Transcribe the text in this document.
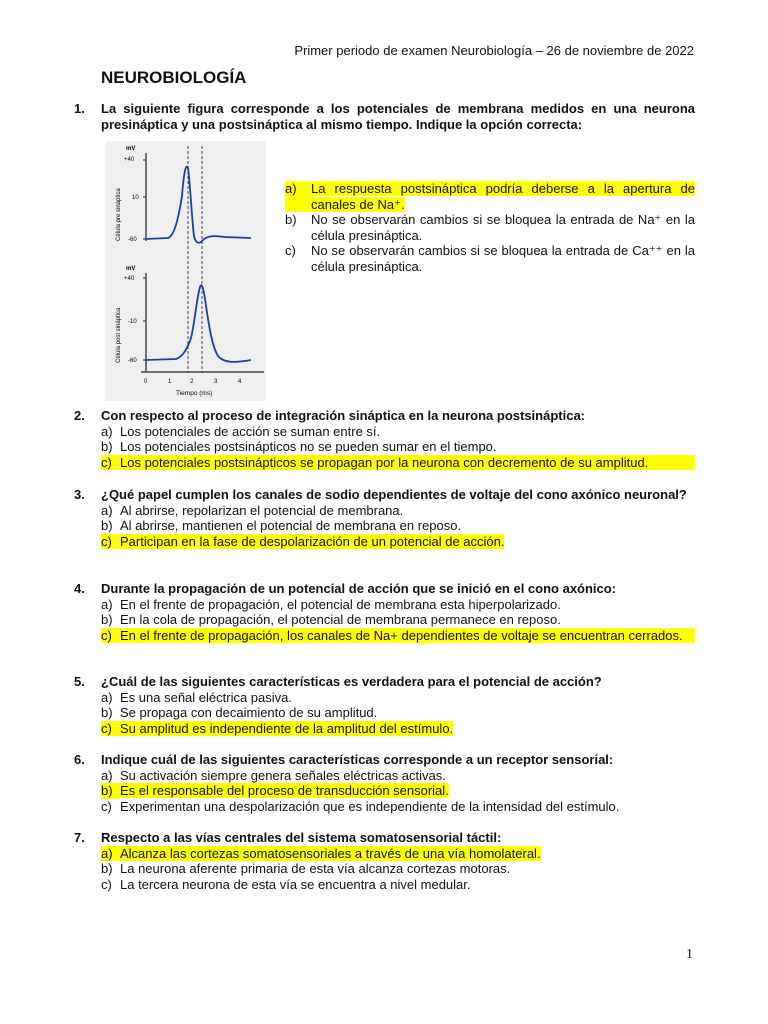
Primer periodo de examen Neurobiología – 26 de noviembre de 2022
NEUROBIOLOGÍA
1. La siguiente figura corresponde a los potenciales de membrana medidos en una neurona presináptica y una postsináptica al mismo tiempo. Indique la opción correcta:
mV
+40
10
-60
Célula pre sináptica
mV
+40
-10
-60
Célula post sináptica
0	1	2	3	4
Tiempo (ms)
a)	La respuesta postsináptica podría deberse a la apertura de canales de Na⁺.
b)	No se observarán cambios si se bloquea la entrada de Na⁺ en la célula presináptica.
c)	No se observarán cambios si se bloquea la entrada de Ca⁺⁺ en la célula presináptica.
2. Con respecto al proceso de integración sináptica en la neurona postsináptica:
a) Los potenciales de acción se suman entre sí.
b) Los potenciales postsinápticos no se pueden sumar en el tiempo.
c) Los potenciales postsinápticos se propagan por la neurona con decremento de su amplitud.
3. ¿Qué papel cumplen los canales de sodio dependientes de voltaje del cono axónico neuronal?
a) Al abrirse, repolarizan el potencial de membrana.
b) Al abrirse, mantienen el potencial de membrana en reposo.
c) Participan en la fase de despolarización de un potencial de acción.
4. Durante la propagación de un potencial de acción que se inició en el cono axónico:
a) En el frente de propagación, el potencial de membrana esta hiperpolarizado.
b) En la cola de propagación, el potencial de membrana permanece en reposo.
c) En el frente de propagación, los canales de Na+ dependientes de voltaje se encuentran cerrados.
5. ¿Cuál de las siguientes características es verdadera para el potencial de acción?
a) Es una señal eléctrica pasiva.
b) Se propaga con decaimiento de su amplitud.
c) Su amplitud es independiente de la amplitud del estímulo.
6. Indique cuál de las siguientes características corresponde a un receptor sensorial:
a) Su activación siempre genera señales eléctricas activas.
b) Es el responsable del proceso de transducción sensorial.
c) Experimentan una despolarización que es independiente de la intensidad del estímulo.
7. Respecto a las vías centrales del sistema somatosensorial táctil:
a) Alcanza las cortezas somatosensoriales a través de una vía homolateral.
b) La neurona aferente primaria de esta vía alcanza cortezas motoras.
c) La tercera neurona de esta vía se encuentra a nivel medular.
1
